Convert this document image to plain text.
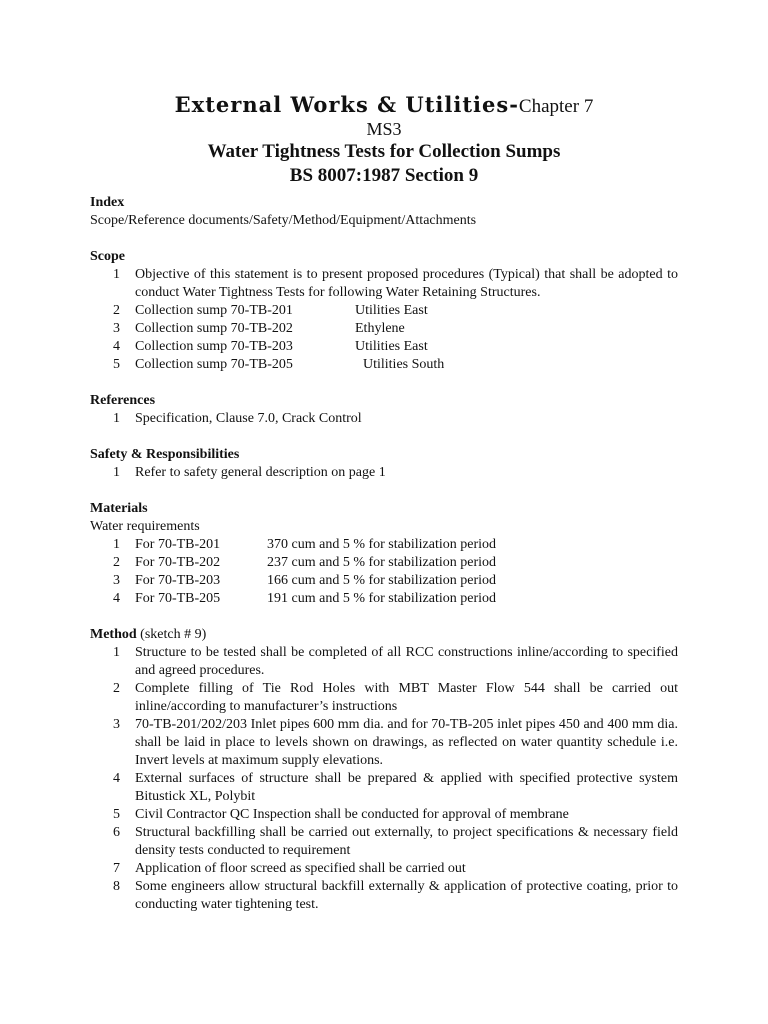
External Works & Utilities-Chapter 7
MS3
Water Tightness Tests for Collection Sumps
BS 8007:1987 Section 9
Index
Scope/Reference documents/Safety/Method/Equipment/Attachments
Scope
1 Objective of this statement is to present proposed procedures (Typical) that shall be adopted to conduct Water Tightness Tests for following Water Retaining Structures.
2 Collection sump 70-TB-201	Utilities East
3 Collection sump 70-TB-202	Ethylene
4 Collection sump 70-TB-203	Utilities East
5 Collection sump 70-TB-205	Utilities South
References
1 Specification, Clause 7.0, Crack Control
Safety & Responsibilities
1 Refer to safety general description on page 1
Materials
Water requirements
1 For 70-TB-201	370 cum and 5 % for stabilization period
2 For 70-TB-202	237 cum and 5 % for stabilization period
3 For 70-TB-203	166 cum and 5 % for stabilization period
4 For 70-TB-205	191 cum and 5 % for stabilization period
Method (sketch # 9)
1 Structure to be tested shall be completed of all RCC constructions inline/according to specified and agreed procedures.
2 Complete filling of Tie Rod Holes with MBT Master Flow 544 shall be carried out inline/according to manufacturer’s instructions
3 70-TB-201/202/203 Inlet pipes 600 mm dia. and for 70-TB-205 inlet pipes 450 and 400 mm dia. shall be laid in place to levels shown on drawings, as reflected on water quantity schedule i.e. Invert levels at maximum supply elevations.
4 External surfaces of structure shall be prepared & applied with specified protective system Bitustick XL, Polybit
5 Civil Contractor QC Inspection shall be conducted for approval of membrane
6 Structural backfilling shall be carried out externally, to project specifications & necessary field density tests conducted to requirement
7 Application of floor screed as specified shall be carried out
8 Some engineers allow structural backfill externally & application of protective coating, prior to conducting water tightening test.
